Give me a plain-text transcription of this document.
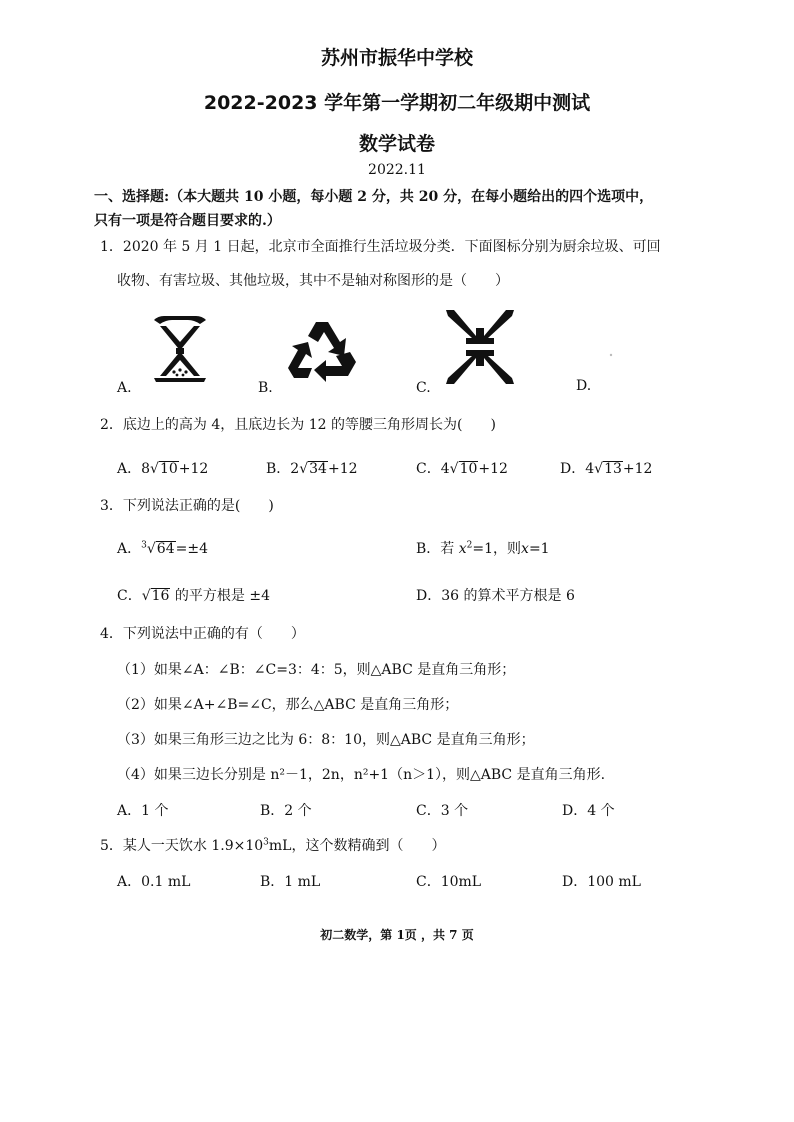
苏州市振华中学校
2022-2023 学年第一学期初二年级期中测试
数学试卷
2022.11
一、选择题:（本大题共 10 小题，每小题 2 分，共 20 分，在每小题给出的四个选项中，
只有一项是符合题目要求的.）
1．2020 年 5 月 1 日起，北京市全面推行生活垃圾分类．下面图标分别为厨余垃圾、可回
收物、有害垃圾、其他垃圾，其中不是轴对称图形的是（　　）
A.	B.	C.	D.
2．底边上的高为 4，且底边长为 12 的等腰三角形周长为(　　)
A．8√10+12	B．2√34+12	C．4√10+12	D．4√13+12
3．下列说法正确的是(　　)
A．$^3$√64=±4	B．若 $x^2=1$，则x=1
C．√16 的平方根是 ±4	D．36 的算术平方根是 6
4．下列说法中正确的有（　　）
（1）如果∠A：∠B：∠C=3：4：5，则△ABC 是直角三角形；
（2）如果∠A+∠B=∠C，那么△ABC 是直角三角形；
（3）如果三角形三边之比为 6：8：10，则△ABC 是直角三角形；
（4）如果三边长分别是 n²－1，2n，n²+1（n＞1），则△ABC 是直角三角形.
A．1 个	B．2 个	C．3 个	D．4 个
5．某人一天饮水 $1.9\times 10^3mL$，这个数精确到（　　）
A．0.1 mL	B．1 mL	C．10mL	D．100 mL
初二数学，第 1页 ，共 7 页
